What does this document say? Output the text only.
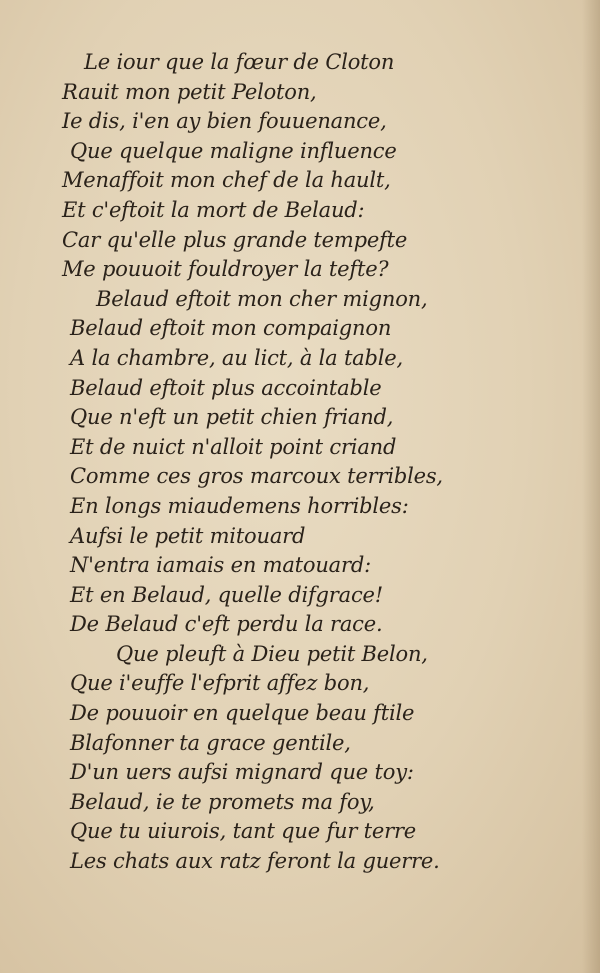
Le iour que la fœur de Cloton
Rauit mon petit Peloton,
Ie dis, i'en ay bien fouuenance,
Que quelque maligne influence
Menaffoit mon chef de la hault,
Et c'eftoit la mort de Belaud:
Car qu'elle plus grande tempefte
Me pouuoit fouldroyer la tefte?
Belaud eftoit mon cher mignon,
Belaud eftoit mon compaignon
A la chambre, au lict, à la table,
Belaud eftoit plus accointable
Que n'eft un petit chien friand,
Et de nuict n'alloit point criand
Comme ces gros marcoux terribles,
En longs miaudemens horribles:
Aufsi le petit mitouard
N'entra iamais en matouard:
Et en Belaud, quelle difgrace!
De Belaud c'eft perdu la race.
Que pleuft à Dieu petit Belon,
Que i'euffe l'efprit affez bon,
De pouuoir en quelque beau ftile
Blafonner ta grace gentile,
D'un uers aufsi mignard que toy:
Belaud, ie te promets ma foy,
Que tu uiurois, tant que fur terre
Les chats aux ratz feront la guerre.
